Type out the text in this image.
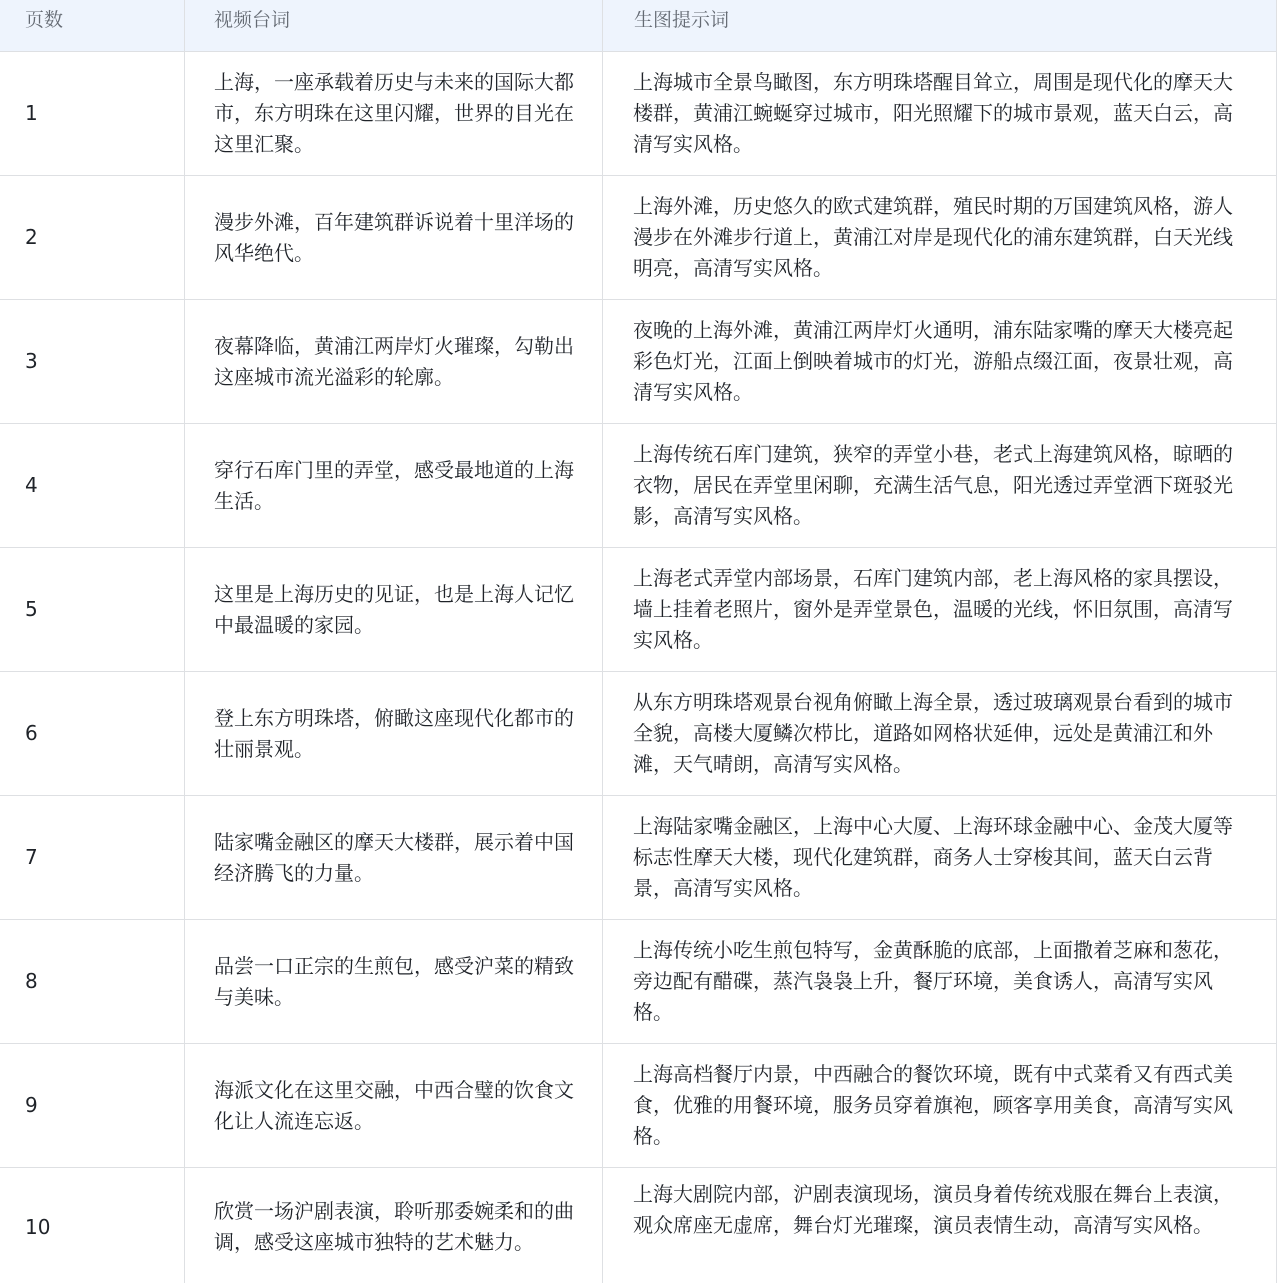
页数	视频台词	生图提示词
1
上海，一座承载着历史与未来的国际大都市，东方明珠在这里闪耀，世界的目光在这里汇聚。
上海城市全景鸟瞰图，东方明珠塔醒目耸立，周围是现代化的摩天大楼群，黄浦江蜿蜒穿过城市，阳光照耀下的城市景观，蓝天白云，高清写实风格。
2
漫步外滩，百年建筑群诉说着十里洋场的风华绝代。
上海外滩，历史悠久的欧式建筑群，殖民时期的万国建筑风格，游人漫步在外滩步行道上，黄浦江对岸是现代化的浦东建筑群，白天光线明亮，高清写实风格。
3
夜幕降临，黄浦江两岸灯火璀璨，勾勒出这座城市流光溢彩的轮廓。
夜晚的上海外滩，黄浦江两岸灯火通明，浦东陆家嘴的摩天大楼亮起彩色灯光，江面上倒映着城市的灯光，游船点缀江面，夜景壮观，高清写实风格。
4
穿行石库门里的弄堂，感受最地道的上海生活。
上海传统石库门建筑，狭窄的弄堂小巷，老式上海建筑风格，晾晒的衣物，居民在弄堂里闲聊，充满生活气息，阳光透过弄堂洒下斑驳光影，高清写实风格。
5
这里是上海历史的见证，也是上海人记忆中最温暖的家园。
上海老式弄堂内部场景，石库门建筑内部，老上海风格的家具摆设，墙上挂着老照片，窗外是弄堂景色，温暖的光线，怀旧氛围，高清写实风格。
6
登上东方明珠塔，俯瞰这座现代化都市的壮丽景观。
从东方明珠塔观景台视角俯瞰上海全景，透过玻璃观景台看到的城市全貌，高楼大厦鳞次栉比，道路如网格状延伸，远处是黄浦江和外滩，天气晴朗，高清写实风格。
7
陆家嘴金融区的摩天大楼群，展示着中国经济腾飞的力量。
上海陆家嘴金融区，上海中心大厦、上海环球金融中心、金茂大厦等标志性摩天大楼，现代化建筑群，商务人士穿梭其间，蓝天白云背景，高清写实风格。
8
品尝一口正宗的生煎包，感受沪菜的精致与美味。
上海传统小吃生煎包特写，金黄酥脆的底部，上面撒着芝麻和葱花，旁边配有醋碟，蒸汽袅袅上升，餐厅环境，美食诱人，高清写实风格。
9
海派文化在这里交融，中西合璧的饮食文化让人流连忘返。
上海高档餐厅内景，中西融合的餐饮环境，既有中式菜肴又有西式美食，优雅的用餐环境，服务员穿着旗袍，顾客享用美食，高清写实风格。
10
欣赏一场沪剧表演，聆听那委婉柔和的曲调，感受这座城市独特的艺术魅力。
上海大剧院内部，沪剧表演现场，演员身着传统戏服在舞台上表演，观众席座无虚席，舞台灯光璀璨，演员表情生动，高清写实风格。
